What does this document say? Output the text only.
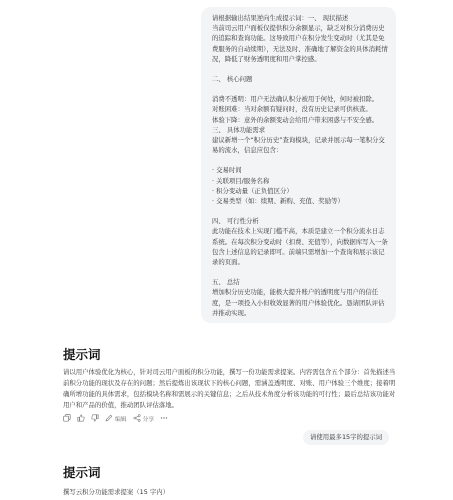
请根据输出结果逆向生成提示词：一、 现状描述
当前司云用户面板仅提供积分余额显示，缺乏对积分消费历史的追踪和查询功能。这导致用户在积分发生变动时（尤其是免费服务的自动续期），无法及时、准确地了解资金的具体消耗情况，降低了财务透明度和用户掌控感。

二、 核心问题

消费不透明：用户无法确认积分被用于何处，何时被扣除。
对账困难：当对余额有疑问时，没有历史记录可供核查。
体验下降：意外的余额变动会给用户带来困惑与不安全感。
三、 具体功能需求
建议新增一个“积分历史”查询模块，记录并展示每一笔积分交易的流水，信息应包含：

· 交易时间
· 关联项目/服务名称
· 积分变动量（正负值区分）
· 交易类型（如：续期、新购、充值、奖励等）

四、 可行性分析
此功能在技术上实现门槛不高，本质是建立一个积分流水日志系统。在每次积分变动时（扣费、充值等），向数据库写入一条包含上述信息的记录即可。前端只需增加一个查询和展示该记录的页面。

五、 总结
增加积分历史功能，能极大提升账户的透明度与用户的信任度，是一项投入小但收效显著的用户体验优化。恳请团队评估并推动实现。

提示词
请以用户体验优化为核心，针对司云用户面板的积分功能，撰写一份功能需求提案。内容需包含五个部分：首先描述当前积分功能的现状及存在的问题；然后提炼出该现状下的核心问题，需涵盖透明度、对账、用户体验三个维度；接着明确所增功能的具体需求，包括模块名称和需展示的关键信息；之后从技术角度分析该功能的可行性；最后总结该功能对用户和产品的价值，推动团队评估落地。
编辑	分享
请使用最多15字的提示词
提示词
撰写云积分功能需求提案（15 字内）
